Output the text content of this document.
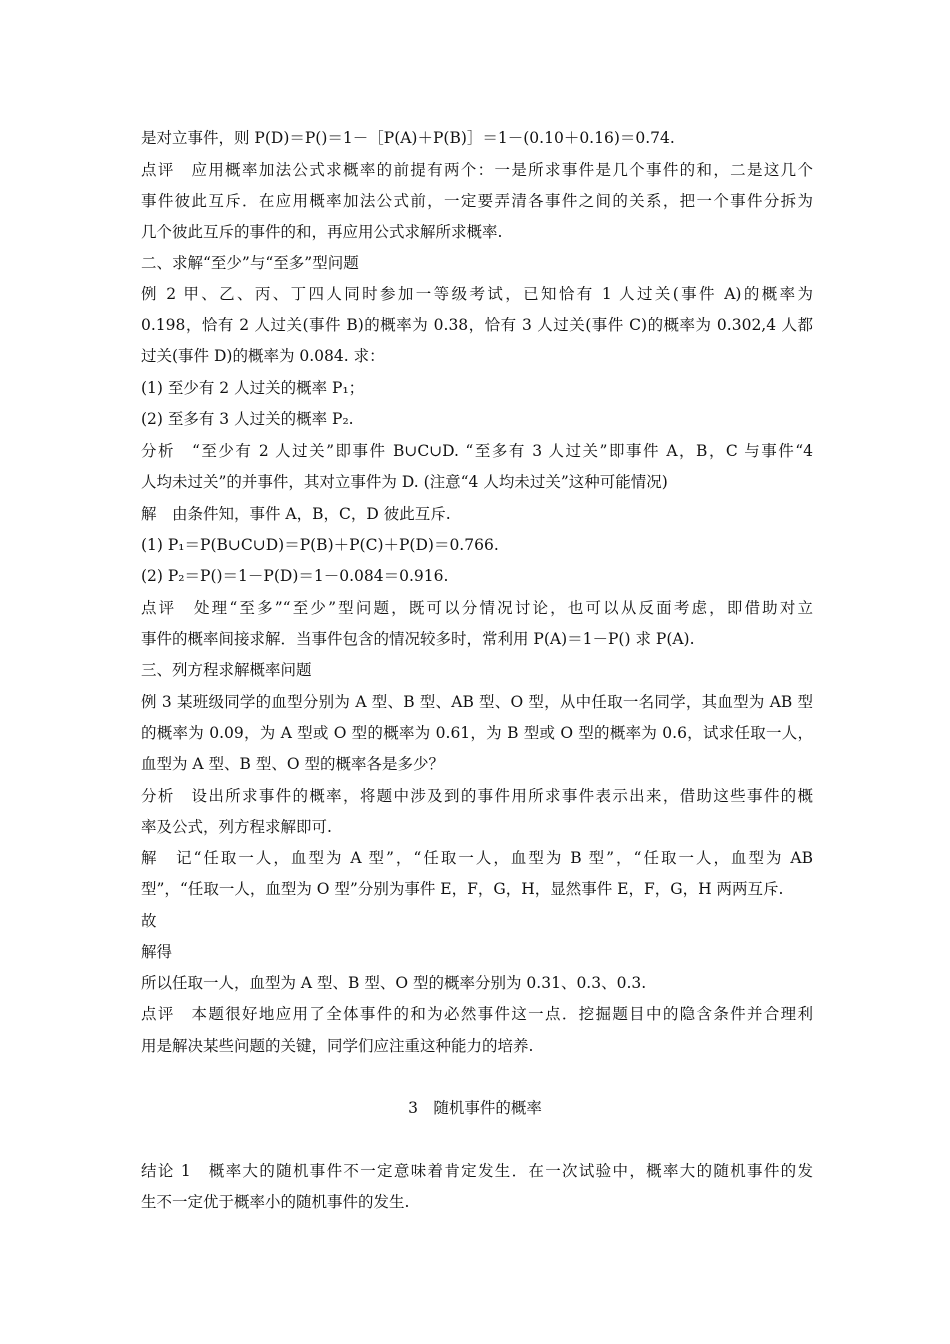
是对立事件，则 P(D)＝P()＝1－［P(A)＋P(B)］＝1－(0.10＋0.16)＝0.74.
点评　应用概率加法公式求概率的前提有两个：一是所求事件是几个事件的和，二是这几个
事件彼此互斥．在应用概率加法公式前，一定要弄清各事件之间的关系，把一个事件分拆为
几个彼此互斥的事件的和，再应用公式求解所求概率.
二、求解“至少”与“至多”型问题
例 2 甲、乙、丙、丁四人同时参加一等级考试，已知恰有 1 人过关(事件 A)的概率为
0.198，恰有 2 人过关(事件 B)的概率为 0.38，恰有 3 人过关(事件 C)的概率为 0.302,4 人都
过关(事件 D)的概率为 0.084. 求：
(1) 至少有 2 人过关的概率 P₁；
(2) 至多有 3 人过关的概率 P₂.
分析　“至少有 2 人过关”即事件 B∪C∪D. “至多有 3 人过关”即事件 A，B，C 与事件“4
人均未过关”的并事件，其对立事件为 D. (注意“4 人均未过关”这种可能情况)
解　由条件知，事件 A，B，C，D 彼此互斥.
(1) P₁＝P(B∪C∪D)＝P(B)＋P(C)＋P(D)＝0.766.
(2) P₂＝P()＝1－P(D)＝1－0.084＝0.916.
点评　处理“至多”“至少”型问题，既可以分情况讨论，也可以从反面考虑，即借助对立
事件的概率间接求解．当事件包含的情况较多时，常利用 P(A)＝1－P() 求 P(A).
三、列方程求解概率问题
例 3 某班级同学的血型分别为 A 型、B 型、AB 型、O 型，从中任取一名同学，其血型为 AB 型
的概率为 0.09，为 A 型或 O 型的概率为 0.61，为 B 型或 O 型的概率为 0.6，试求任取一人，
血型为 A 型、B 型、O 型的概率各是多少？
分析　设出所求事件的概率，将题中涉及到的事件用所求事件表示出来，借助这些事件的概
率及公式，列方程求解即可.
解　记“任取一人，血型为 A 型”，“任取一人，血型为 B 型”，“任取一人，血型为 AB
型”，“任取一人，血型为 O 型”分别为事件 E，F，G，H，显然事件 E，F，G，H 两两互斥.
故
解得
所以任取一人，血型为 A 型、B 型、O 型的概率分别为 0.31、0.3、0.3.
点评　本题很好地应用了全体事件的和为必然事件这一点．挖掘题目中的隐含条件并合理利
用是解决某些问题的关键，同学们应注重这种能力的培养.
3　随机事件的概率
结论 1　概率大的随机事件不一定意味着肯定发生．在一次试验中，概率大的随机事件的发
生不一定优于概率小的随机事件的发生.
